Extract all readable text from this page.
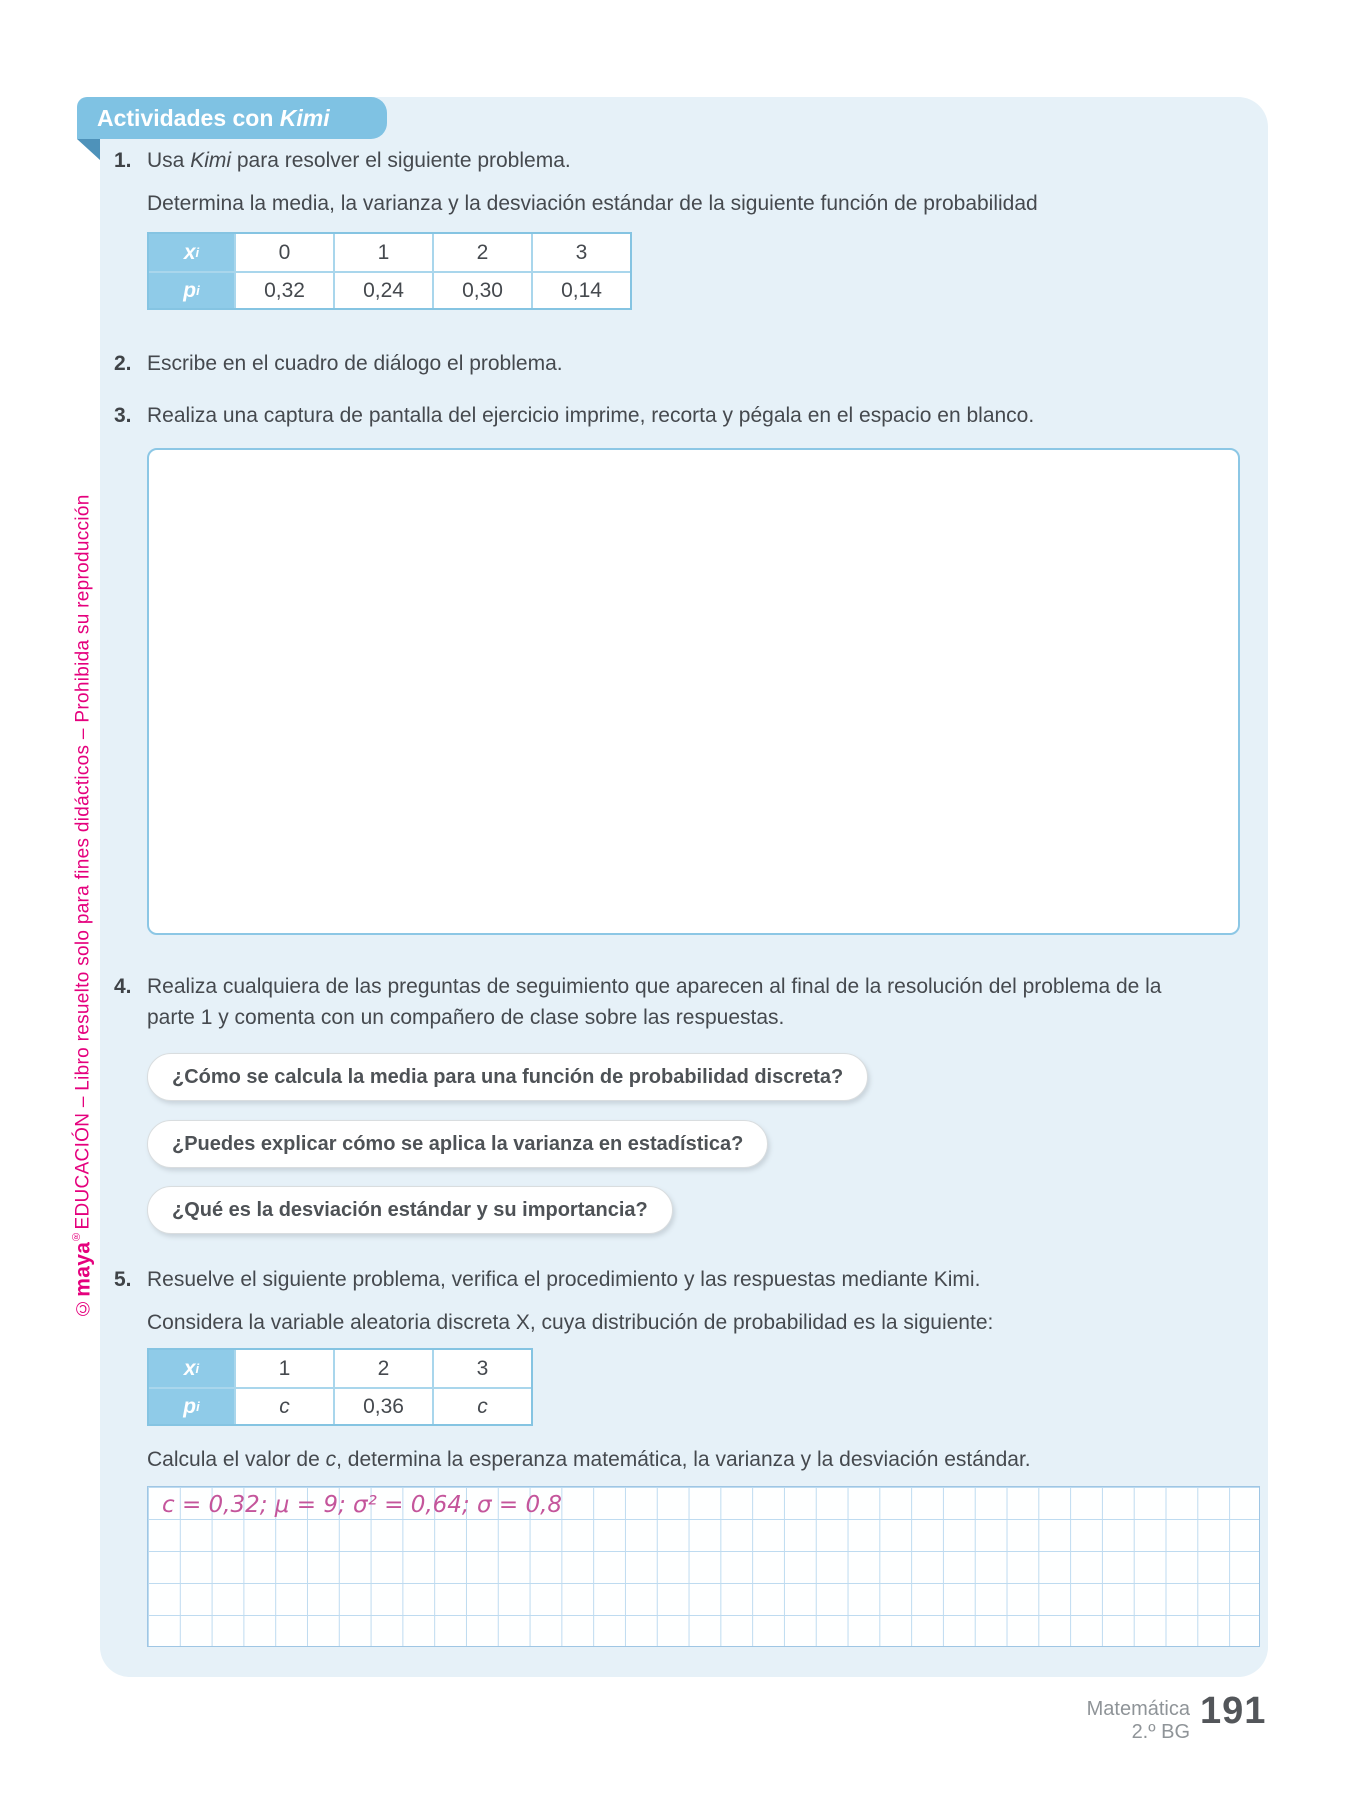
Actividades con Kimi
©maya®EDUCACIÓN – Libro resuelto solo para fines didácticos – Prohibida su reproducción
1. Usa Kimi para resolver el siguiente problema.
Determina la media, la varianza y la desviación estándar de la siguiente función de probabilidad
x i	0	1	2	3
p i	0,32	0,24	0,30	0,14
2. Escribe en el cuadro de diálogo el problema.
3. Realiza una captura de pantalla del ejercicio imprime, recorta y pégala en el espacio en blanco.
4. Realiza cualquiera de las preguntas de seguimiento que aparecen al final de la resolución del problema de la
parte 1 y comenta con un compañero de clase sobre las respuestas.
¿Cómo se calcula la media para una función de probabilidad discreta?
¿Puedes explicar cómo se aplica la varianza en estadística?
¿Qué es la desviación estándar y su importancia?
5. Resuelve el siguiente problema, verifica el procedimiento y las respuestas mediante Kimi.
Considera la variable aleatoria discreta X, cuya distribución de probabilidad es la siguiente:
x i	1	2	3
p i	c	0,36	c
Calcula el valor de c, determina la esperanza matemática, la varianza y la desviación estándar.
c = 0,32; μ = 9; σ² = 0,64; σ = 0,8
Matemática
2.º BG 191
